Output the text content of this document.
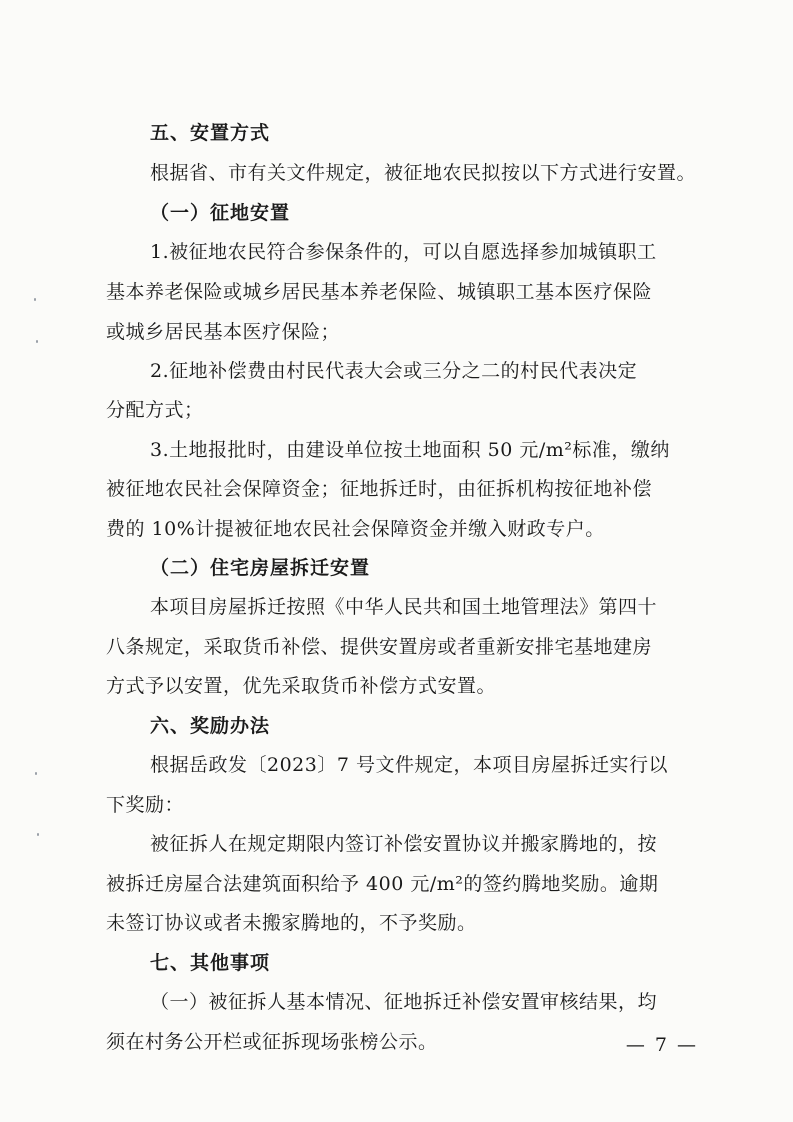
五、安置方式
根据省、市有关文件规定，被征地农民拟按以下方式进行安置。
（一）征地安置
1.被征地农民符合参保条件的，可以自愿选择参加城镇职工
基本养老保险或城乡居民基本养老保险、城镇职工基本医疗保险
或城乡居民基本医疗保险；
2.征地补偿费由村民代表大会或三分之二的村民代表决定
分配方式；
3.土地报批时，由建设单位按土地面积 50 元/m²标准，缴纳
被征地农民社会保障资金；征地拆迁时，由征拆机构按征地补偿
费的 10%计提被征地农民社会保障资金并缴入财政专户。
（二）住宅房屋拆迁安置
本项目房屋拆迁按照《中华人民共和国土地管理法》第四十
八条规定，采取货币补偿、提供安置房或者重新安排宅基地建房
方式予以安置，优先采取货币补偿方式安置。
六、奖励办法
根据岳政发〔2023〕7 号文件规定，本项目房屋拆迁实行以
下奖励：
被征拆人在规定期限内签订补偿安置协议并搬家腾地的，按
被拆迁房屋合法建筑面积给予 400 元/m²的签约腾地奖励。逾期
未签订协议或者未搬家腾地的，不予奖励。
七、其他事项
（一）被征拆人基本情况、征地拆迁补偿安置审核结果，均
须在村务公开栏或征拆现场张榜公示。	— 7 —
